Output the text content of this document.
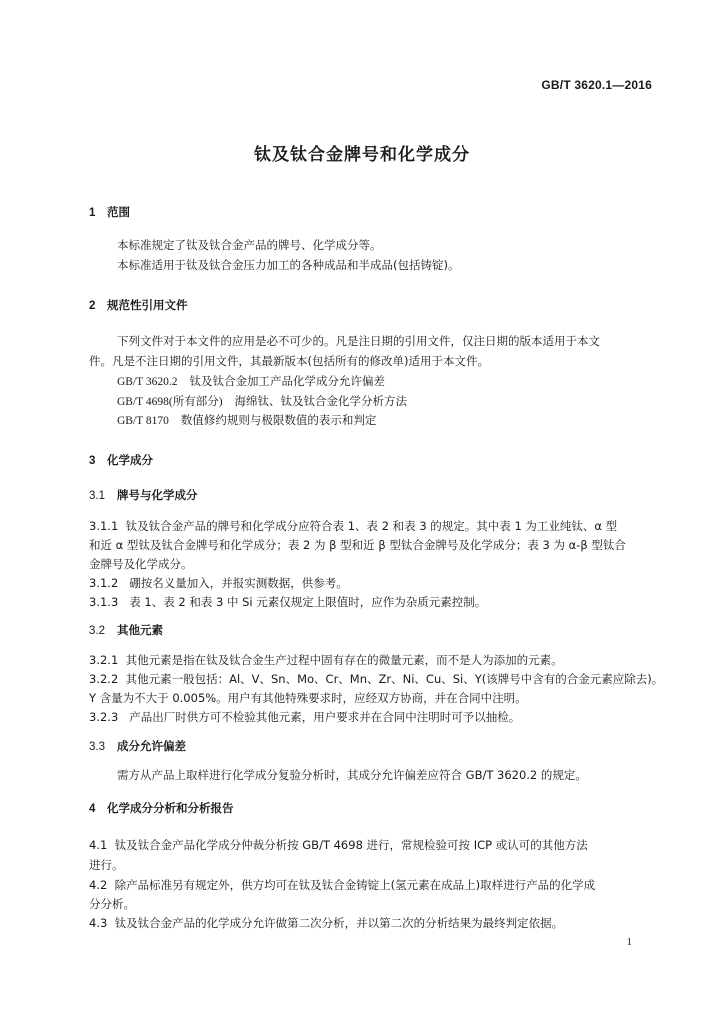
GB/T 3620.1—2016
钛及钛合金牌号和化学成分
1 范围
本标准规定了钛及钛合金产品的牌号、化学成分等。
本标准适用于钛及钛合金压力加工的各种成品和半成品(包括铸锭)。
2 规范性引用文件
下列文件对于本文件的应用是必不可少的。凡是注日期的引用文件，仅注日期的版本适用于本文
件。凡是不注日期的引用文件，其最新版本(包括所有的修改单)适用于本文件。
GB/T 3620.2 钛及钛合金加工产品化学成分允许偏差
GB/T 4698(所有部分) 海绵钛、钛及钛合金化学分析方法
GB/T 8170 数值修约规则与极限数值的表示和判定
3 化学成分
3.1 牌号与化学成分
3.1.1 钛及钛合金产品的牌号和化学成分应符合表 1、表 2 和表 3 的规定。其中表 1 为工业纯钛、α 型
和近 α 型钛及钛合金牌号和化学成分；表 2 为 β 型和近 β 型钛合金牌号及化学成分；表 3 为 α-β 型钛合
金牌号及化学成分。
3.1.2 硼按名义量加入，并报实测数据，供参考。
3.1.3 表 1、表 2 和表 3 中 Si 元素仅规定上限值时，应作为杂质元素控制。
3.2 其他元素
3.2.1 其他元素是指在钛及钛合金生产过程中固有存在的微量元素，而不是人为添加的元素。
3.2.2 其他元素一般包括：Al、V、Sn、Mo、Cr、Mn、Zr、Ni、Cu、Si、Y(该牌号中含有的合金元素应除去)。
Y 含量为不大于 0.005%。用户有其他特殊要求时，应经双方协商，并在合同中注明。
3.2.3 产品出厂时供方可不检验其他元素，用户要求并在合同中注明时可予以抽检。
3.3 成分允许偏差
需方从产品上取样进行化学成分复验分析时，其成分允许偏差应符合 GB/T 3620.2 的规定。
4 化学成分分析和分析报告
4.1 钛及钛合金产品化学成分仲裁分析按 GB/T 4698 进行，常规检验可按 ICP 或认可的其他方法
进行。
4.2 除产品标准另有规定外，供方均可在钛及钛合金铸锭上(氢元素在成品上)取样进行产品的化学成
分分析。
4.3 钛及钛合金产品的化学成分允许做第二次分析，并以第二次的分析结果为最终判定依据。
1
